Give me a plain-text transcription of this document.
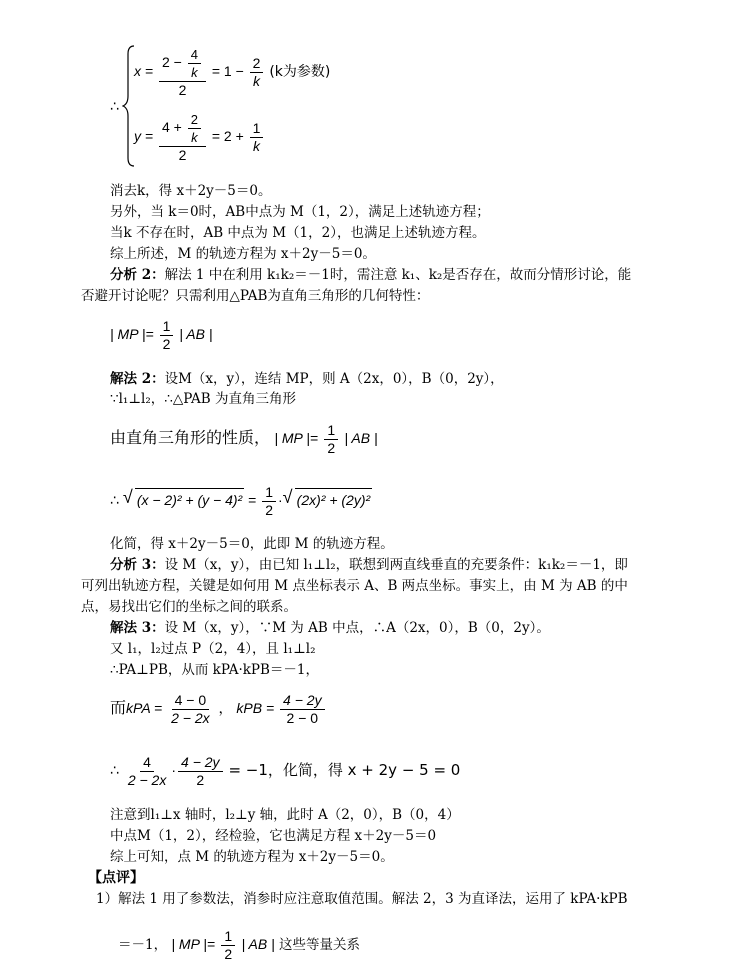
∴
$x = \frac{2 - \frac{4}{k}}{2} = 1 - \frac{2}{k} (k$为参数)
$y = \frac{4 + \frac{2}{k}}{2} = 2 + \frac{1}{k}$
消去k，得 x＋2y－5＝0。
另外，当 k＝0时，AB中点为 M（1，2），满足上述轨迹方程；
当k 不存在时，AB 中点为 M（1，2），也满足上述轨迹方程。
综上所述，M 的轨迹方程为 x＋2y－5＝0。
分析 2：解法 1 中在利用 k₁k₂＝－1时，需注意 k₁、k₂是否存在，故而分情形讨论，能
否避开讨论呢？只需利用△PAB为直角三角形的几何特性：
| MP |= $\frac{1}{2}$ | AB |
解法 2：设M（x，y），连结 MP，则 A（2x，0），B（0，2y），
∵l₁⊥l₂，∴△PAB 为直角三角形
由直角三角形的性质， | MP |= $\frac{1}{2}$ | AB |
∴ √ $(x - 2)^2 + (y - 4)^2 = \frac{1}{2}$ · √ (2x)² + (2y)²
化简，得 x＋2y－5＝0，此即 M 的轨迹方程。
分析 3：设 M（x，y），由已知 l₁⊥l₂，联想到两直线垂直的充要条件：k₁k₂＝－1，即
可列出轨迹方程，关键是如何用 M 点坐标表示 A、B 两点坐标。事实上，由 M 为 AB 的中
点，易找出它们的坐标之间的联系。
解法 3：设 M（x，y），∵M 为 AB 中点，∴A（2x，0），B（0，2y）。
又 l₁，l₂过点 P（2，4），且 l₁⊥l₂
∴PA⊥PB，从而 kPA·kPB＝－1，
而kPA = $\frac{4 - 0}{2 - 2x}$ ， kPB = $\frac{4 - 2y}{2 - 0}$
∴ $\frac{4}{2 - 2x} \cdot \frac{4 - 2y}{2} = -1$，化简，得 x + 2y − 5 = 0
注意到l₁⊥x 轴时，l₂⊥y 轴，此时 A（2，0），B（0，4）
中点M（1，2），经检验，它也满足方程 x＋2y－5＝0
综上可知，点 M 的轨迹方程为 x＋2y－5＝0。
【点评】
1）解法 1 用了参数法，消参时应注意取值范围。解法 2，3 为直译法，运用了 kPA·kPB
＝－1， | MP |= $\frac{1}{2}$ | AB | 这些等量关系
